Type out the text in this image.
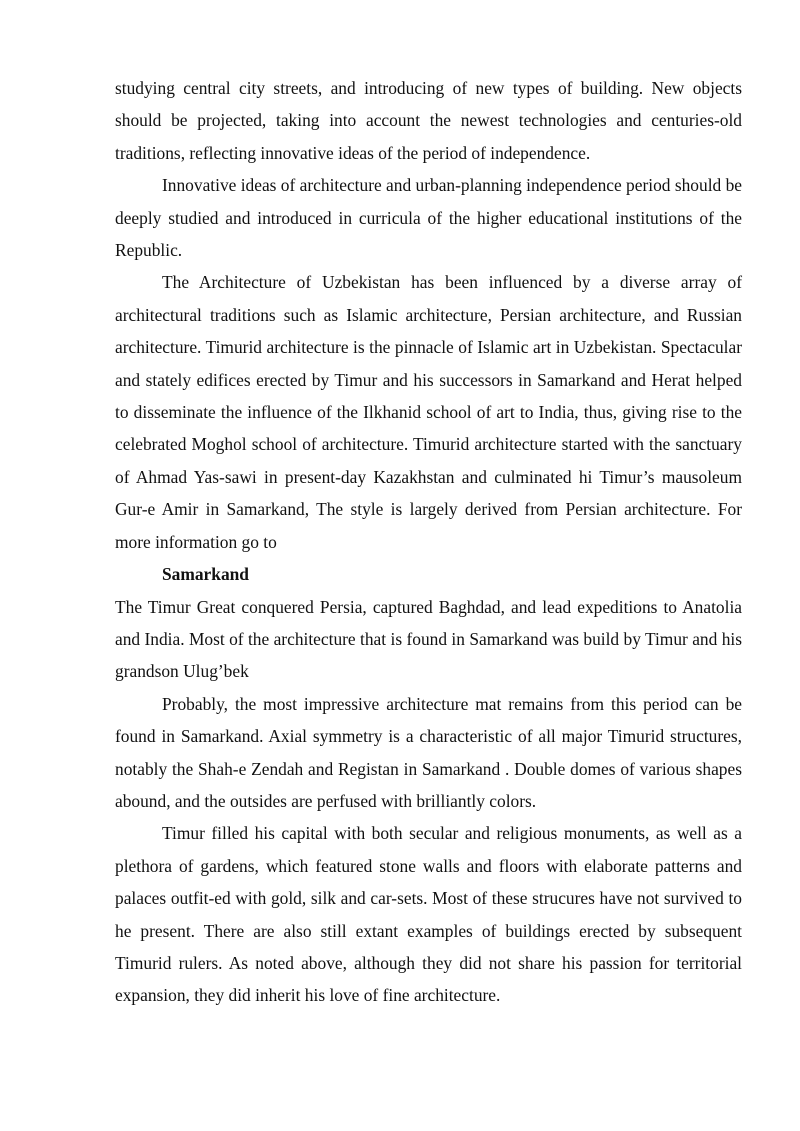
studying central city streets, and introducing of new types of building. New objects should be projected, taking into account the newest technologies and centuries-old traditions, reflecting innovative ideas of the period of independence.

Innovative ideas of architecture and urban-planning independence period should be deeply studied and introduced in curricula of the higher educational institutions of the Republic.

The Architecture of Uzbekistan has been influenced by a diverse array of architectural traditions such as Islamic architecture, Persian architecture, and Russian architecture. Timurid architecture is the pinnacle of Islamic art in Uzbekistan. Spectacular and stately edifices erected by Timur and his successors in Samarkand and Herat helped to disseminate the influence of the Ilkhanid school of art to India, thus, giving rise to the celebrated Moghol school of architecture. Timurid architecture started with the sanctuary of Ahmad Yas-sawi in present-day Kazakhstan and culminated hi Timur’s mausoleum Gur-e Amir in Samarkand, The style is largely derived from Persian architecture. For more information go to

Samarkand

The Timur Great conquered Persia, captured Baghdad, and lead expeditions to Anatolia and India. Most of the architecture that is found in Samarkand was build by Timur and his grandson Ulug’bek

Probably, the most impressive architecture mat remains from this period can be found in Samarkand. Axial symmetry is a characteristic of all major Timurid structures, notably the Shah-e Zendah and Registan in Samarkand . Double domes of various shapes abound, and the outsides are perfused with brilliantly colors.

Timur filled his capital with both secular and religious monuments, as well as a plethora of gardens, which featured stone walls and floors with elaborate patterns and palaces outfit-ed with gold, silk and car-sets. Most of these strucures have not survived to he present. There are also still extant examples of buildings erected by subsequent Timurid rulers. As noted above, although they did not share his passion for territorial expansion, they did inherit his love of fine architecture.
